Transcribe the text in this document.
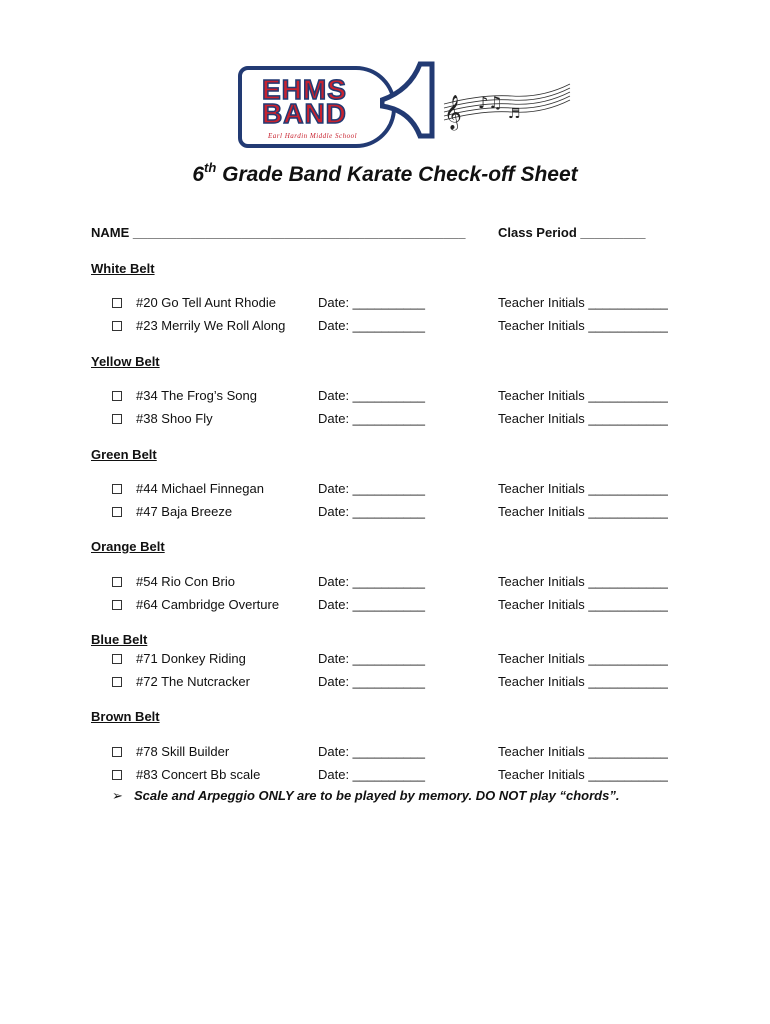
EHMS
BAND
Earl Hardin Middle School
𝄞 ♪♫
♬
6th Grade Band Karate Check-off Sheet
NAME ______________________________________________	Class Period _________
White Belt
#20 Go Tell Aunt Rhodie	Date: __________	Teacher Initials ___________
#23 Merrily We Roll Along	Date: __________	Teacher Initials ___________
Yellow Belt
#34 The Frog’s Song	Date: __________	Teacher Initials ___________
#38 Shoo Fly	Date: __________	Teacher Initials ___________
Green Belt
#44 Michael Finnegan	Date: __________	Teacher Initials ___________
#47 Baja Breeze	Date: __________	Teacher Initials ___________
Orange Belt
#54 Rio Con Brio	Date: __________	Teacher Initials ___________
#64 Cambridge Overture	Date: __________	Teacher Initials ___________
Blue Belt
#71 Donkey Riding	Date: __________	Teacher Initials ___________
#72 The Nutcracker	Date: __________	Teacher Initials ___________
Brown Belt
#78 Skill Builder	Date: __________	Teacher Initials ___________
#83 Concert Bb scale	Date: __________	Teacher Initials ___________
➢ Scale and Arpeggio ONLY are to be played by memory. DO NOT play “chords”.
